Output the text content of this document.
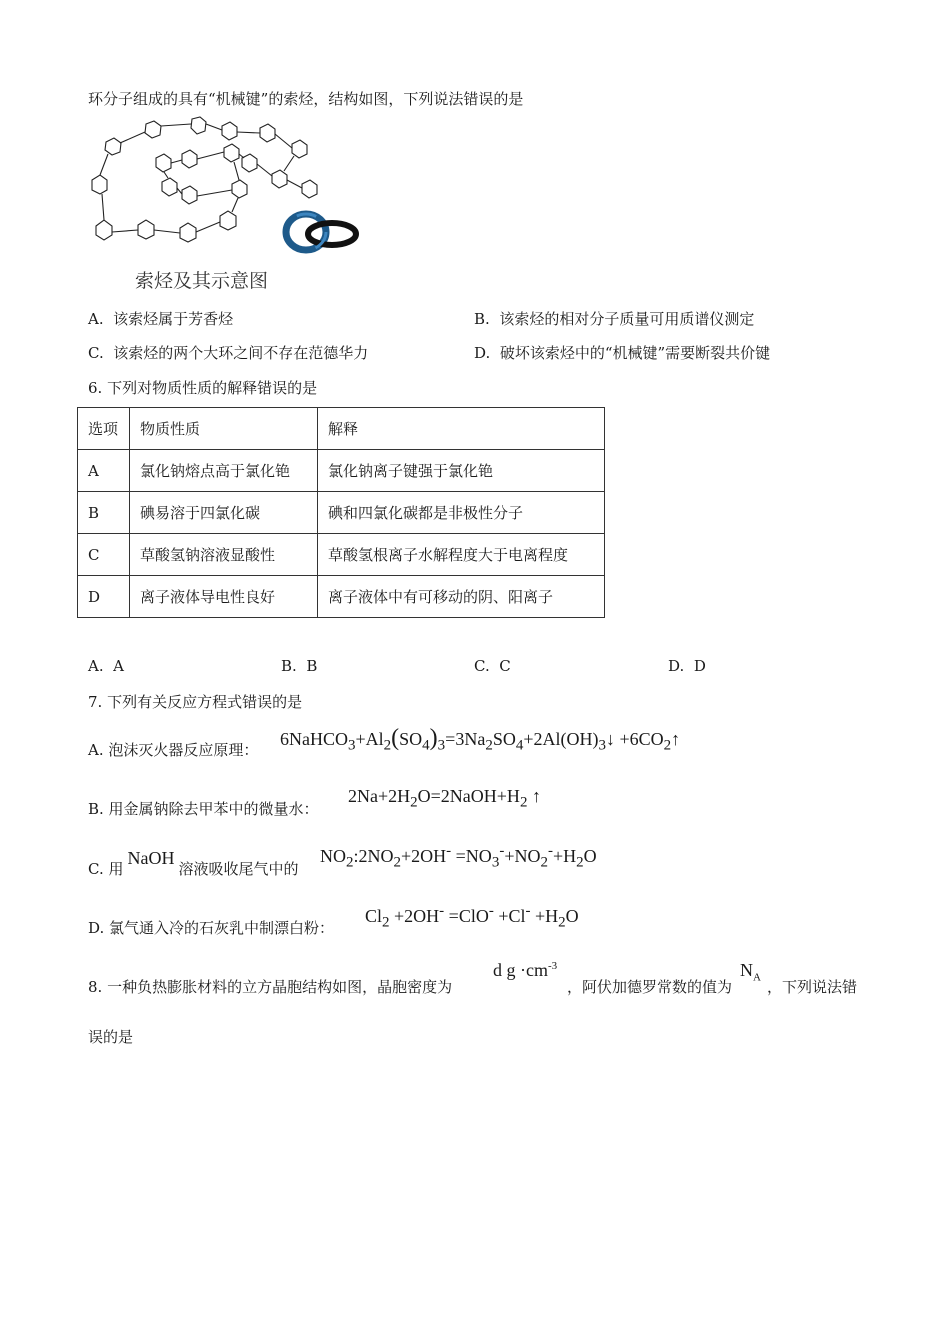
环分子组成的具有“机械键”的索烃，结构如图，下列说法错误的是
索烃及其示意图
A. 该索烃属于芳香烃	B. 该索烃的相对分子质量可用质谱仪测定
C. 该索烃的两个大环之间不存在范德华力	D. 破坏该索烃中的“机械键”需要断裂共价键
6. 下列对物质性质的解释错误的是
选项	物质性质	解释
A	氯化钠熔点高于氯化铯	氯化钠离子键强于氯化铯
B	碘易溶于四氯化碳	碘和四氯化碳都是非极性分子
C	草酸氢钠溶液显酸性	草酸氢根离子水解程度大于电离程度
D	离子液体导电性良好	离子液体中有可移动的阴、阳离子
A. A	B. B	C. C	D. D
7. 下列有关反应方程式错误的是
A. 泡沫灭火器反应原理：
$6NaHCO_3+Al_2(SO_4)_3=3Na_2SO_4+2Al(OH)_3↓$ $+6CO_2↑$
B. 用金属钠除去甲苯中的微量水：
$2Na+2H_2O=2NaOH+H_2$ ↑
C. 用NaOH溶液吸收尾气中的
$NO_2:2NO_2+2OH^- =NO_3^-+NO_2^-+H_2O$
D. 氯气通入冷的石灰乳中制漂白粉：
$Cl_2 +2OH^- =ClO^- +Cl^- +H_2O$
8. 一种负热膨胀材料的立方晶胞结构如图，晶胞密度为
d $g \cdot cm^{-3}$
，阿伏加德罗常数的值为
$N_A$
，下列说法错
误的是
